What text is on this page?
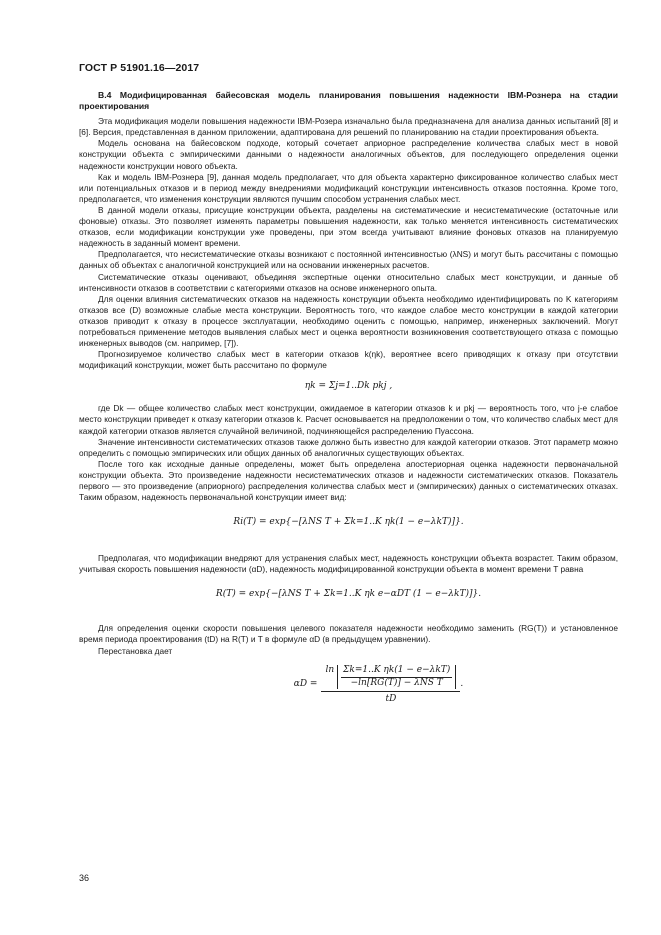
ГОСТ Р 51901.16—2017
В.4 Модифицированная байесовская модель планирования повышения надежности IBM-Рознера на стадии проектирования

Эта модификация модели повышения надежности IBM-Розера изначально была предназначена для анализа данных испытаний [8] и [6]. Версия, представленная в данном приложении, адаптирована для решений по планированию на стадии проектирования объекта.

Модель основана на байесовском подходе, который сочетает априорное распределение количества слабых мест в новой конструкции объекта с эмпирическими данными о надежности аналогичных объектов, для последующего определения оценки надежности конструкции нового объекта.

Как и модель IBM-Рознера [9], данная модель предполагает, что для объекта характерно фиксированное количество слабых мест или потенциальных отказов и в период между внедрениями модификаций конструкции интенсивность отказов постоянна. Кроме того, предполагается, что изменения конструкции являются пучшим способом устранения слабых мест.

В данной модели отказы, присущие конструкции объекта, разделены на систематические и несистематические (остаточные или фоновые) отказы. Это позволяет изменять параметры повышения надежности, как только меняется интенсивность систематических отказов, если модификации конструкции уже проведены, при этом всегда учитывают влияние фоновых отказов на планируемую надежность в заданный момент времени.

Предполагается, что несистематические отказы возникают с постоянной интенсивностью (λNS) и могут быть рассчитаны с помощью данных об объектах с аналогичной конструкцией или на основании инженерных расчетов.

Систематические отказы оценивают, объединяя экспертные оценки относительно слабых мест конструкции, и данные об интенсивности отказов в соответствии с категориями отказов на основе инженерного опыта.

Для оценки влияния систематических отказов на надежность конструкции объекта необходимо идентифицировать по K категориям отказов все (D) возможные слабые места конструкции. Вероятность того, что каждое слабое место конструкции в каждой категории отказов приводит к отказу в процессе эксплуатации, необходимо оценить с помощью, например, инженерных заключений. Могут потребоваться применение методов выявления слабых мест и оценка вероятности возникновения соответствующего отказа с помощью инженерных выводов (см. например, [7]).

Прогнозируемое количество слабых мест в категории отказов k(ηk), вероятнее всего приводящих к отказу при отсутствии модификаций конструкции, может быть рассчитано по формуле

ηk = Σj=1..Dk pkj ,

где Dk — общее количество слабых мест конструкции, ожидаемое в категории отказов k и pkj — вероятность того, что j-е слабое место конструкции приведет к отказу категории отказов k. Расчет основывается на предположении о том, что количество слабых мест для каждой категории отказов является случайной величиной, подчиняющейся распределению Пуассона.

Значение интенсивности систематических отказов также должно быть известно для каждой категории отказов. Этот параметр можно определить с помощью эмпирических или общих данных об аналогичных существующих объектах.

После того как исходные данные определены, может быть определена апостериорная оценка надежности первоначальной конструкции объекта. Это произведение надежности несистематических отказов и надежности систематических отказов. Показатель первого — это произведение (априорного) распределения количества слабых мест и (эмпирических) данных о систематических отказах. Таким образом, надежность первоначальной конструкции имеет вид:

Ri(T) = exp{−[λNS T + Σk=1..K ηk(1 − e−λkT)]}.

Предполагая, что модификации внедряют для устранения слабых мест, надежность конструкции объекта возрастет. Таким образом, учитывая скорость повышения надежности (αD), надежность модифицированной конструкции объекта в момент времени T равна

R(T) = exp{−[λNS T + Σk=1..K ηk e−αDT (1 − e−λkT)]}.

Для определения оценки скорости повышения целевого показателя надежности необходимо заменить (RG(T)) и установленное время периода проектирования (tD) на R(T) и T в формуле αD (в предыдущем уравнении).

Перестановка дает

αD =
$\ln \frac{\text{Σk=1..K ηk(1 − e−λkT)}}{\text{−ln[RG(T)] − λNS T}}$
tD
.
36
